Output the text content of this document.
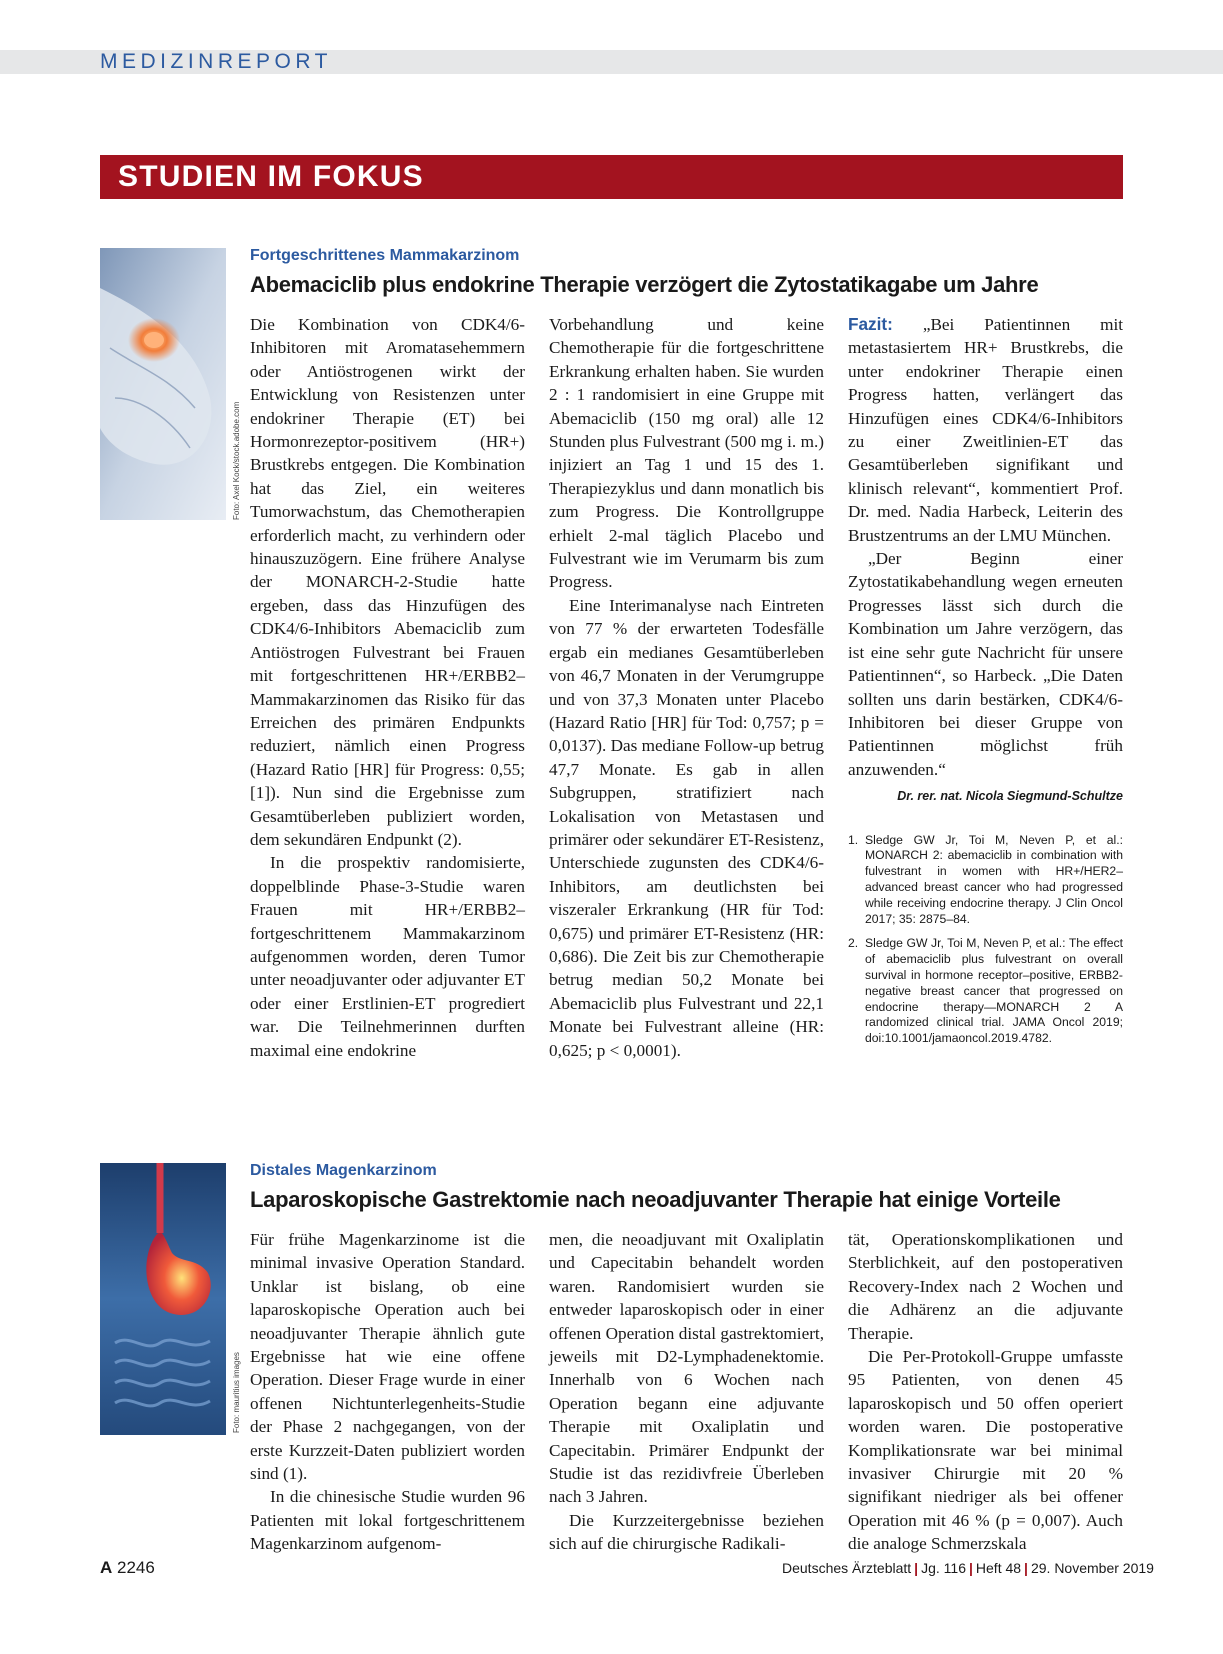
MEDIZINREPORT
STUDIEN IM FOKUS
Foto: Axel Kock/stock.adobe.com
Fortgeschrittenes Mammakarzinom
Abemaciclib plus endokrine Therapie verzögert die Zytostatikagabe um Jahre

Die Kombination von CDK4/6-Inhibitoren mit Aromatasehemmern oder Antiöstrogenen wirkt der Entwicklung von Resistenzen unter endokriner Therapie (ET) bei Hormonrezeptor-positivem (HR+) Brustkrebs entgegen. Die Kombination hat das Ziel, ein weiteres Tumorwachstum, das Chemotherapien erforderlich macht, zu verhindern oder hinauszuzögern. Eine frühere Analyse der MONARCH-2-Studie hatte ergeben, dass das Hinzufügen des CDK4/6-Inhibitors Abemaciclib zum Antiöstrogen Fulvestrant bei Frauen mit fortgeschrittenen HR+/ERBB2– Mammakarzinomen das Risiko für das Erreichen des primären Endpunkts reduziert, nämlich einen Progress (Hazard Ratio [HR] für Progress: 0,55; [1]). Nun sind die Ergebnisse zum Gesamtüberleben publiziert worden, dem sekundären Endpunkt (2).

In die prospektiv randomisierte, doppelblinde Phase-3-Studie waren Frauen mit HR+/ERBB2– fortgeschrittenem Mammakarzinom aufgenommen worden, deren Tumor unter neoadjuvanter oder adjuvanter ET oder einer Erstlinien-ET progrediert war. Die Teilnehmerinnen durften maximal eine endokrine

Vorbehandlung und keine Chemotherapie für die fortgeschrittene Erkrankung erhalten haben. Sie wurden 2 : 1 randomisiert in eine Gruppe mit Abemaciclib (150 mg oral) alle 12 Stunden plus Fulvestrant (500 mg i. m.) injiziert an Tag 1 und 15 des 1. Therapiezyklus und dann monatlich bis zum Progress. Die Kontrollgruppe erhielt 2-mal täglich Placebo und Fulvestrant wie im Verumarm bis zum Progress.

Eine Interimanalyse nach Eintreten von 77 % der erwarteten Todesfälle ergab ein medianes Gesamtüberleben von 46,7 Monaten in der Verumgruppe und von 37,3 Monaten unter Placebo (Hazard Ratio [HR] für Tod: 0,757; p = 0,0137). Das mediane Follow-up betrug 47,7 Monate. Es gab in allen Subgruppen, stratifiziert nach Lokalisation von Metastasen und primärer oder sekundärer ET-Resistenz, Unterschiede zugunsten des CDK4/6-Inhibitors, am deutlichsten bei viszeraler Erkrankung (HR für Tod: 0,675) und primärer ET-Resistenz (HR: 0,686). Die Zeit bis zur Chemotherapie betrug median 50,2 Monate bei Abemaciclib plus Fulvestrant und 22,1 Monate bei Fulvestrant alleine (HR: 0,625; p < 0,0001).

Fazit: „Bei Patientinnen mit metastasiertem HR+ Brustkrebs, die unter endokriner Therapie einen Progress hatten, verlängert das Hinzufügen eines CDK4/6-Inhibitors zu einer Zweitlinien-ET das Gesamtüberleben signifikant und klinisch relevant“, kommentiert Prof. Dr. med. Nadia Harbeck, Leiterin des Brustzentrums an der LMU München.

„Der Beginn einer Zytostatikabehandlung wegen erneuten Progresses lässt sich durch die Kombination um Jahre verzögern, das ist eine sehr gute Nachricht für unsere Patientinnen“, so Harbeck. „Die Daten sollten uns darin bestärken, CDK4/6-Inhibitoren bei dieser Gruppe von Patientinnen möglichst früh anzuwenden.“

Dr. rer. nat. Nicola Siegmund-Schultze
1. Sledge GW Jr, Toi M, Neven P, et al.: MONARCH 2: abemaciclib in combination with fulvestrant in women with HR+/HER2– advanced breast cancer who had progressed while receiving endocrine therapy. J Clin Oncol 2017; 35: 2875–84.
2. Sledge GW Jr, Toi M, Neven P, et al.: The effect of abemaciclib plus fulvestrant on overall survival in hormone receptor–positive, ERBB2-negative breast cancer that progressed on endocrine therapy—MONARCH 2 A randomized clinical trial. JAMA Oncol 2019; doi:10.1001/jamaoncol.2019.4782.
Foto: mauritius images
Distales Magenkarzinom
Laparoskopische Gastrektomie nach neoadjuvanter Therapie hat einige Vorteile

Für frühe Magenkarzinome ist die minimal invasive Operation Standard. Unklar ist bislang, ob eine laparoskopische Operation auch bei neoadjuvanter Therapie ähnlich gute Ergebnisse hat wie eine offene Operation. Dieser Frage wurde in einer offenen Nichtunterlegenheits-Studie der Phase 2 nachgegangen, von der erste Kurzzeit-Daten publiziert worden sind (1).

In die chinesische Studie wurden 96 Patienten mit lokal fortgeschrittenem Magenkarzinom aufgenom-

men, die neoadjuvant mit Oxaliplatin und Capecitabin behandelt worden waren. Randomisiert wurden sie entweder laparoskopisch oder in einer offenen Operation distal gastrektomiert, jeweils mit D2-Lymphadenektomie. Innerhalb von 6 Wochen nach Operation begann eine adjuvante Therapie mit Oxaliplatin und Capecitabin. Primärer Endpunkt der Studie ist das rezidivfreie Überleben nach 3 Jahren.

Die Kurzzeitergebnisse beziehen sich auf die chirurgische Radikali-

tät, Operationskomplikationen und Sterblichkeit, auf den postoperativen Recovery-Index nach 2 Wochen und die Adhärenz an die adjuvante Therapie.

Die Per-Protokoll-Gruppe umfasste 95 Patienten, von denen 45 laparoskopisch und 50 offen operiert worden waren. Die postoperative Komplikationsrate war bei minimal invasiver Chirurgie mit 20 % signifikant niedriger als bei offener Operation mit 46 % (p = 0,007). Auch die analoge Schmerzskala

A 2246	Deutsches Ärzteblatt | Jg. 116 | Heft 48 | 29. November 2019
